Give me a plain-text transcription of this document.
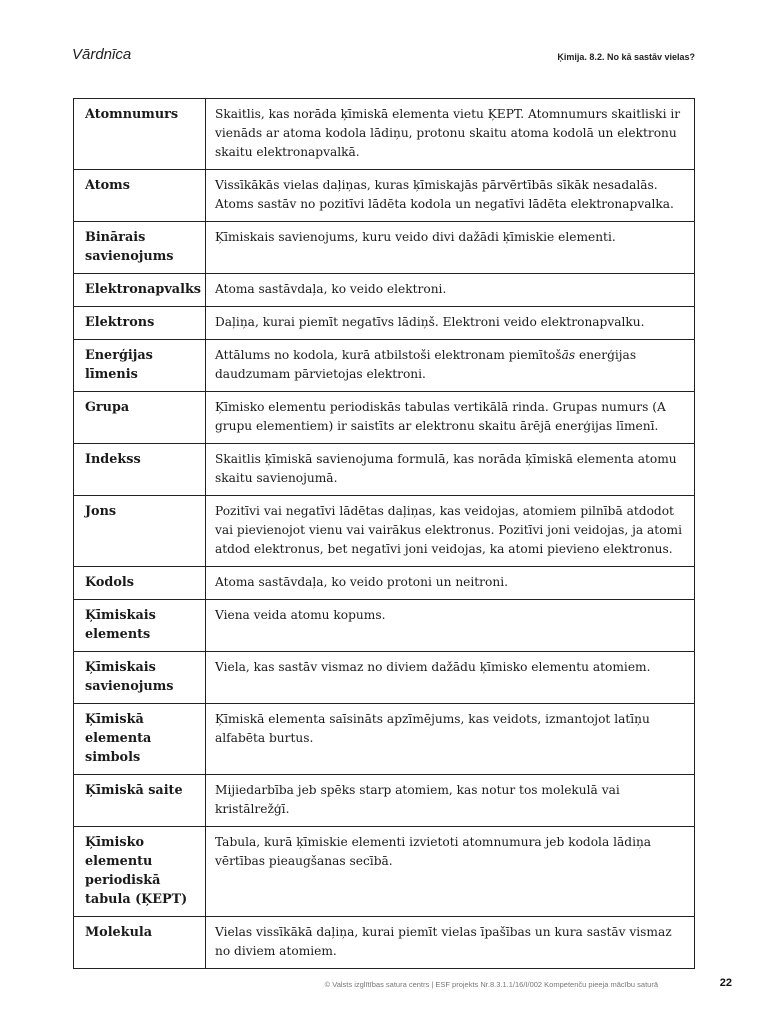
Vārdnīca	Ķimija. 8.2. No kā sastāv vielas?
Atomnumurs	Skaitlis, kas norāda ķīmiskā elementa vietu ĶEPT. Atomnumurs skaitliski ir vienāds ar atoma kodola lādiņu, protonu skaitu atoma kodolā un elektronu skaitu elektronapvalkā.
Atoms	Vissīkākās vielas daļiņas, kuras ķīmiskajās pārvērtībās sīkāk nesadalās. Atoms sastāv no pozitīvi lādēta kodola un negatīvi lādēta elektronapvalka.
Binārais savienojums	Ķīmiskais savienojums, kuru veido divi dažādi ķīmiskie elementi.
Elektronapvalks	Atoma sastāvdaļa, ko veido elektroni.
Elektrons	Daļiņa, kurai piemīt negatīvs lādiņš. Elektroni veido elektronapvalku.
Enerģijas līmenis	Attālums no kodola, kurā atbilstoši elektronam piemītošās enerģijas daudzumam pārvietojas elektroni.
Grupa	Ķīmisko elementu periodiskās tabulas vertikālā rinda. Grupas numurs (A grupu elementiem) ir saistīts ar elektronu skaitu ārējā enerģijas līmenī.
Indekss	Skaitlis ķīmiskā savienojuma formulā, kas norāda ķīmiskā elementa atomu skaitu savienojumā.
Jons	Pozitīvi vai negatīvi lādētas daļiņas, kas veidojas, atomiem pilnībā atdodot vai pievienojot vienu vai vairākus elektronus. Pozitīvi joni veidojas, ja atomi atdod elektronus, bet negatīvi joni veidojas, ka atomi pievieno elektronus.
Kodols	Atoma sastāvdaļa, ko veido protoni un neitroni.
Ķīmiskais elements	Viena veida atomu kopums.
Ķīmiskais savienojums	Viela, kas sastāv vismaz no diviem dažādu ķīmisko elementu atomiem.
Ķīmiskā elementa simbols	Ķīmiskā elementa saīsināts apzīmējums, kas veidots, izmantojot latīņu alfabēta burtus.
Ķīmiskā saite	Mijiedarbība jeb spēks starp atomiem, kas notur tos molekulā vai kristālrežģī.
Ķīmisko elementu periodiskā tabula (ĶEPT)	Tabula, kurā ķīmiskie elementi izvietoti atomnumura jeb kodola lādiņa vērtības pieaugšanas secībā.
Molekula	Vielas vissīkākā daļiņa, kurai piemīt vielas īpašības un kura sastāv vismaz no diviem atomiem.
© Valsts izglītības satura centrs | ESF projekts Nr.8.3.1.1/16/I/002 Kompetenču pieeja mācību saturā	22
